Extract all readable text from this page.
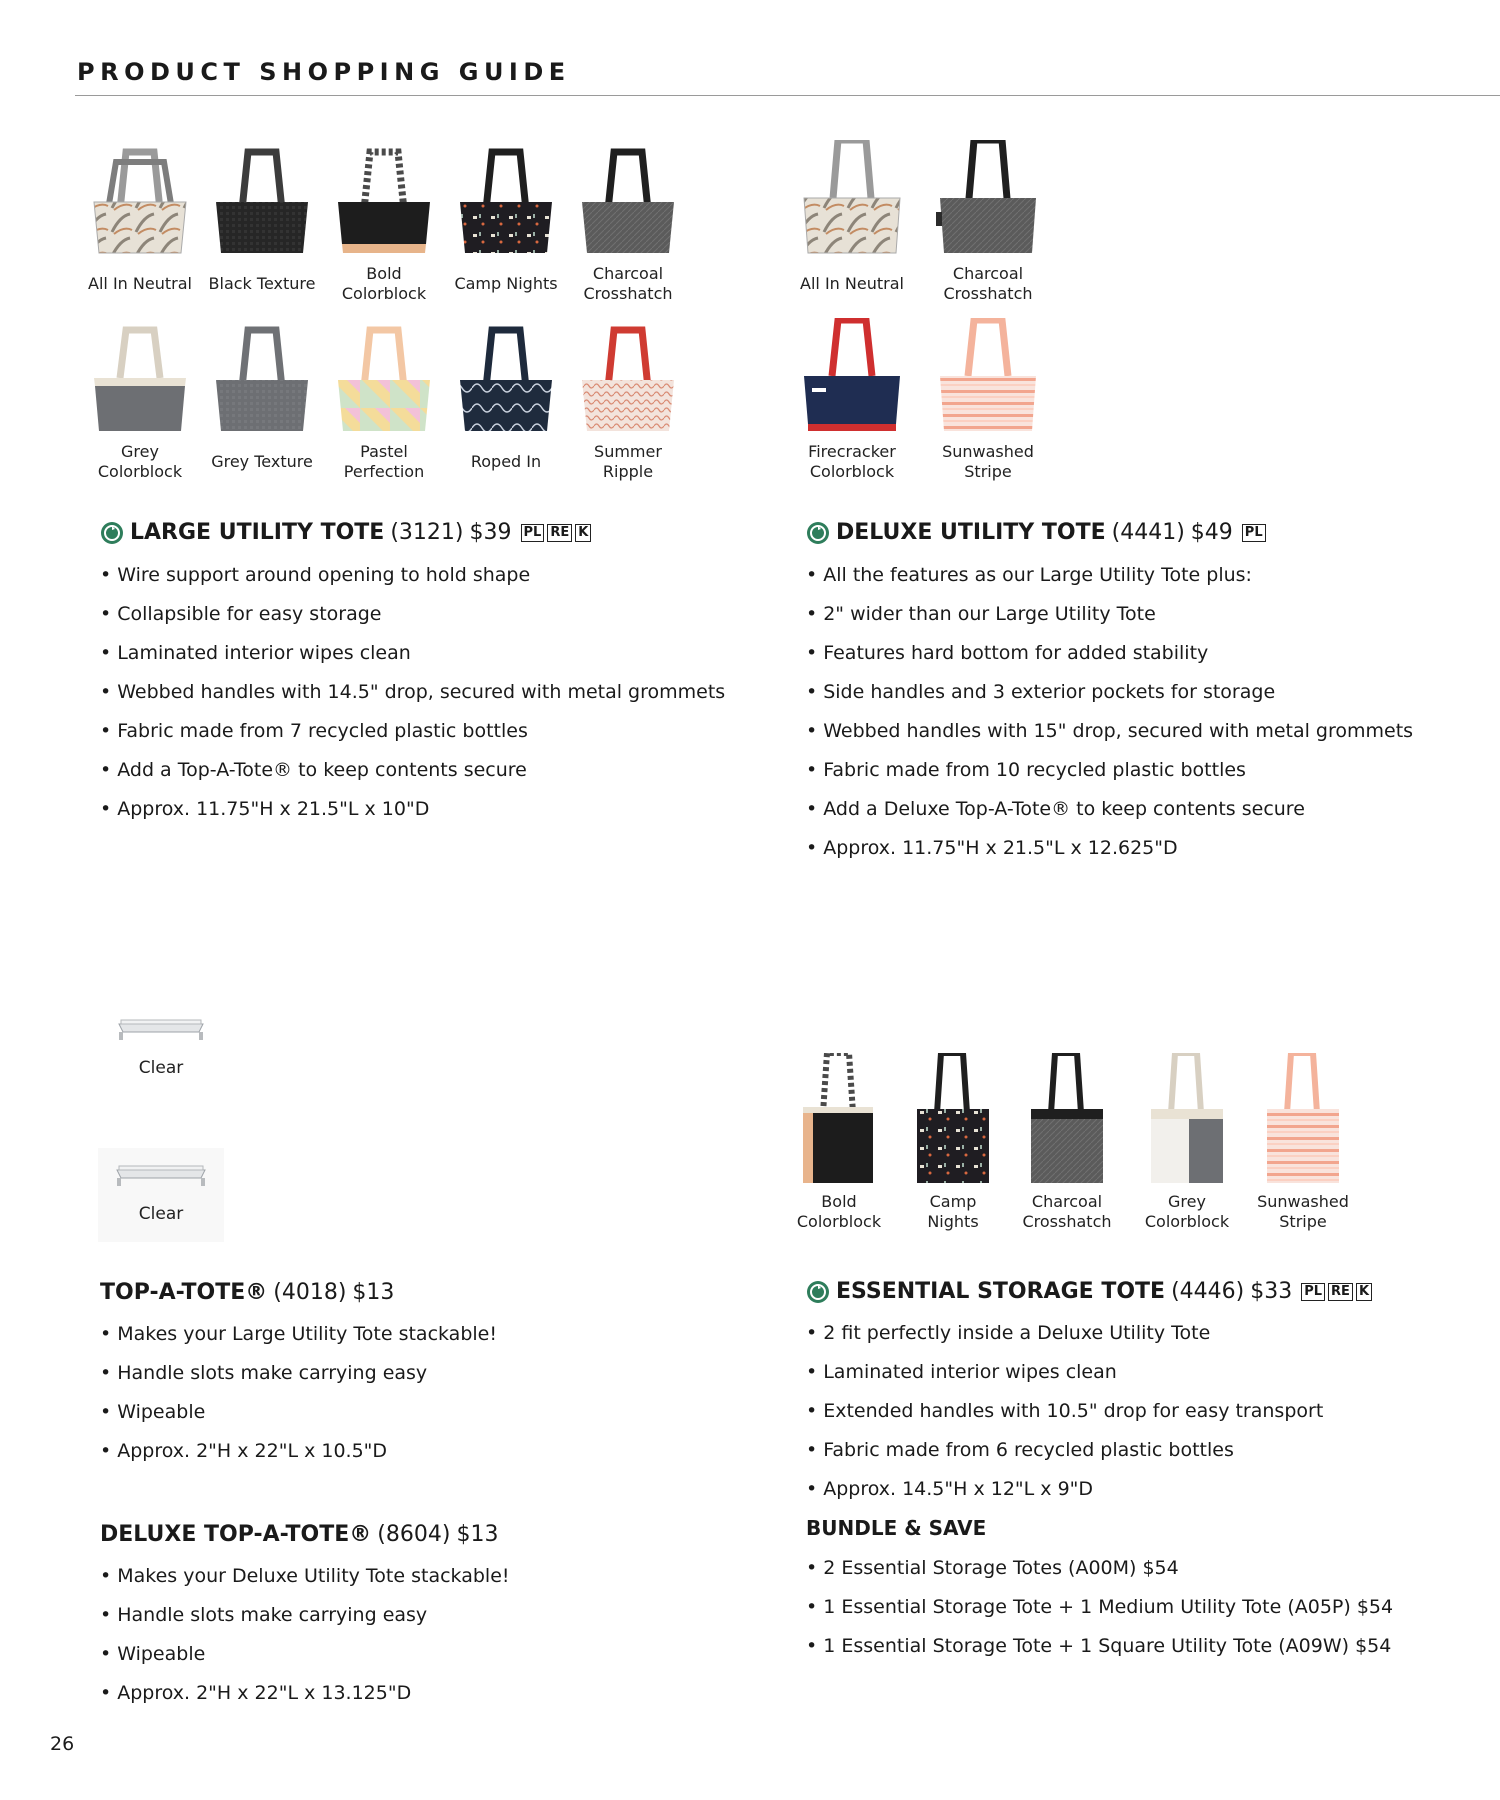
PRODUCT SHOPPING GUIDE
All In Neutral	Black Texture
Bold
Colorblock
Camp Nights
Charcoal
Crosshatch
Grey
Colorblock
Grey Texture
Pastel
Perfection
Roped In
Summer
Ripple
All In Neutral
Charcoal
Crosshatch
Firecracker
Colorblock
Sunwashed
Stripe
LARGE UTILITY TOTE (3121) $39 PL RE K
• Wire support around opening to hold shape
• Collapsible for easy storage
• Laminated interior wipes clean
• Webbed handles with 14.5" drop, secured with metal grommets
• Fabric made from 7 recycled plastic bottles
• Add a Top-A-Tote® to keep contents secure
• Approx. 11.75"H x 21.5"L x 10"D
DELUXE UTILITY TOTE (4441) $49 PL
• All the features as our Large Utility Tote plus:
• 2" wider than our Large Utility Tote
• Features hard bottom for added stability
• Side handles and 3 exterior pockets for storage
• Webbed handles with 15" drop, secured with metal grommets
• Fabric made from 10 recycled plastic bottles
• Add a Deluxe Top-A-Tote® to keep contents secure
• Approx. 11.75"H x 21.5"L x 12.625"D
Clear
Clear
TOP-A-TOTE® (4018) $13
• Makes your Large Utility Tote stackable!
• Handle slots make carrying easy
• Wipeable
• Approx. 2"H x 22"L x 10.5"D
DELUXE TOP-A-TOTE® (8604) $13
• Makes your Deluxe Utility Tote stackable!
• Handle slots make carrying easy
• Wipeable
• Approx. 2"H x 22"L x 13.125"D
Bold
Colorblock
Camp
Nights
Charcoal
Crosshatch
Grey
Colorblock
Sunwashed
Stripe
ESSENTIAL STORAGE TOTE (4446) $33 PL RE K
• 2 fit perfectly inside a Deluxe Utility Tote
• Laminated interior wipes clean
• Extended handles with 10.5" drop for easy transport
• Fabric made from 6 recycled plastic bottles
• Approx. 14.5"H x 12"L x 9"D
BUNDLE & SAVE
• 2 Essential Storage Totes (A00M) $54
• 1 Essential Storage Tote + 1 Medium Utility Tote (A05P) $54
• 1 Essential Storage Tote + 1 Square Utility Tote (A09W) $54
26
